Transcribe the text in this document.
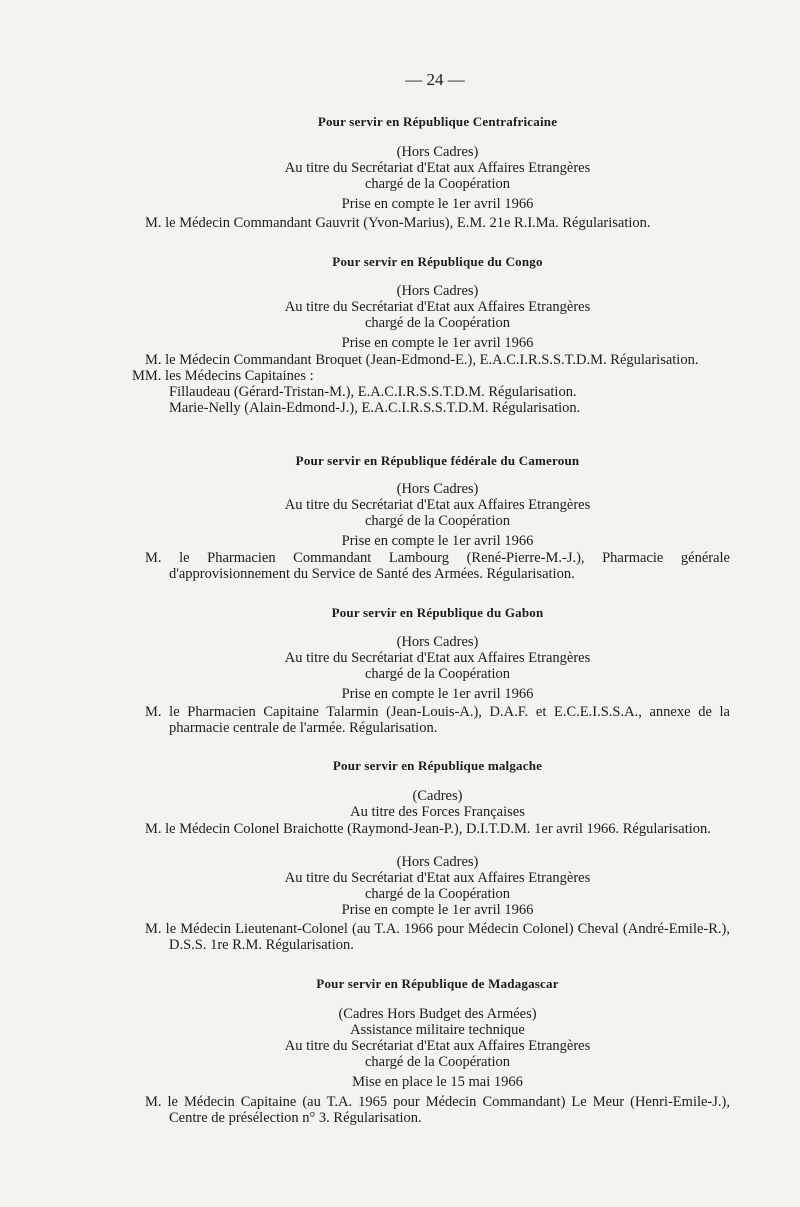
— 24 —
Pour servir en République Centrafricaine
(Hors Cadres)
Au titre du Secrétariat d'Etat aux Affaires Etrangères
chargé de la Coopération
Prise en compte le 1er avril 1966
M. le Médecin Commandant Gauvrit (Yvon-Marius), E.M. 21e R.I.Ma. Régularisation.
Pour servir en République du Congo
(Hors Cadres)
Au titre du Secrétariat d'Etat aux Affaires Etrangères
chargé de la Coopération
Prise en compte le 1er avril 1966
M. le Médecin Commandant Broquet (Jean-Edmond-E.), E.A.C.I.R.S.S.T.D.M. Régularisation.
MM. les Médecins Capitaines :
Fillaudeau (Gérard-Tristan-M.), E.A.C.I.R.S.S.T.D.M. Régularisation.
Marie-Nelly (Alain-Edmond-J.), E.A.C.I.R.S.S.T.D.M. Régularisation.
Pour servir en République fédérale du Cameroun
(Hors Cadres)
Au titre du Secrétariat d'Etat aux Affaires Etrangères
chargé de la Coopération
Prise en compte le 1er avril 1966
M. le Pharmacien Commandant Lambourg (René-Pierre-M.-J.), Pharmacie générale d'approvisionnement du Service de Santé des Armées. Régularisation.
Pour servir en République du Gabon
(Hors Cadres)
Au titre du Secrétariat d'Etat aux Affaires Etrangères
chargé de la Coopération
Prise en compte le 1er avril 1966
M. le Pharmacien Capitaine Talarmin (Jean-Louis-A.), D.A.F. et E.C.E.I.S.S.A., annexe de la pharmacie centrale de l'armée. Régularisation.
Pour servir en République malgache
(Cadres)
Au titre des Forces Françaises
M. le Médecin Colonel Braichotte (Raymond-Jean-P.), D.I.T.D.M. 1er avril 1966. Régularisation.
(Hors Cadres)
Au titre du Secrétariat d'Etat aux Affaires Etrangères
chargé de la Coopération
Prise en compte le 1er avril 1966
M. le Médecin Lieutenant-Colonel (au T.A. 1966 pour Médecin Colonel) Cheval (André-Emile-R.), D.S.S. 1re R.M. Régularisation.
Pour servir en République de Madagascar
(Cadres Hors Budget des Armées)
Assistance militaire technique
Au titre du Secrétariat d'Etat aux Affaires Etrangères
chargé de la Coopération
Mise en place le 15 mai 1966
M. le Médecin Capitaine (au T.A. 1965 pour Médecin Commandant) Le Meur (Henri-Emile-J.), Centre de présélection n° 3. Régularisation.
